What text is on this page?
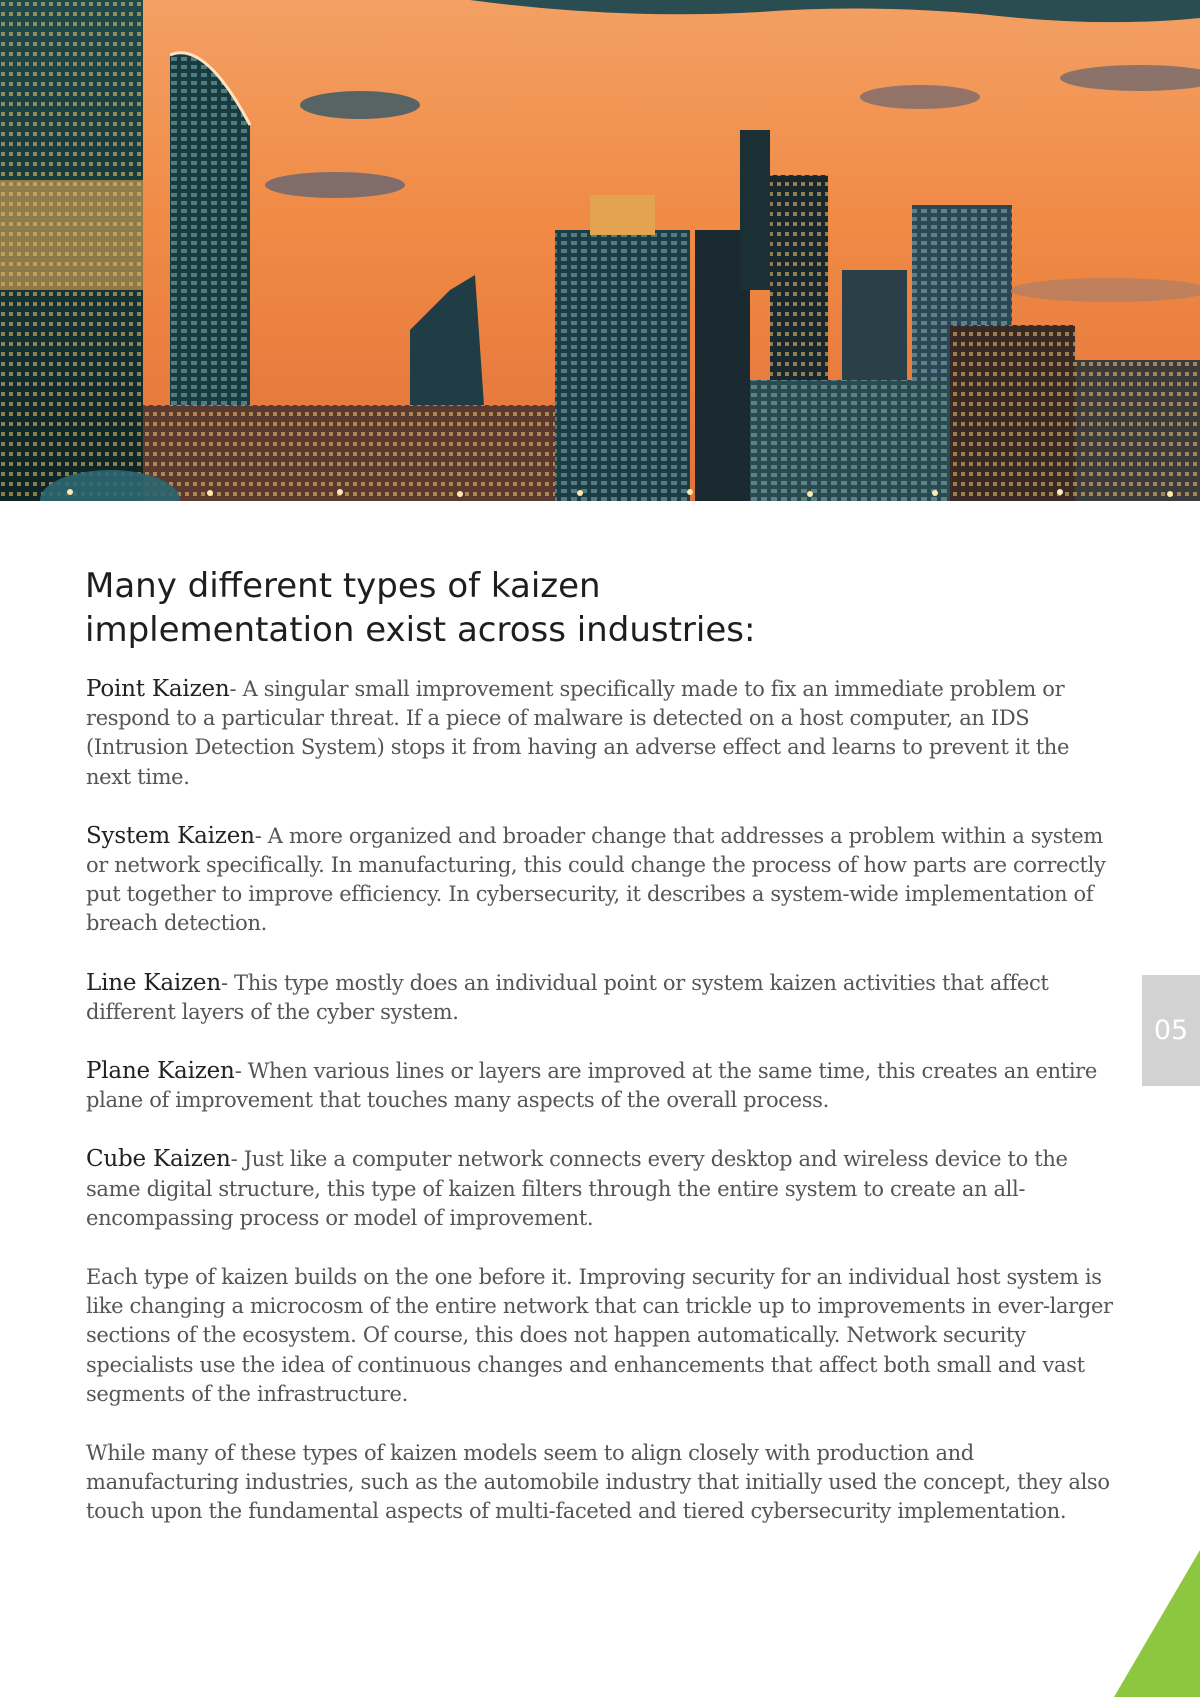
Many different types of kaizen
implementation exist across industries:

Point Kaizen- A singular small improvement specifically made to fix an immediate problem or respond to a particular threat. If a piece of malware is detected on a host computer, an IDS (Intrusion Detection System) stops it from having an adverse effect and learns to prevent it the next time.

System Kaizen- A more organized and broader change that addresses a problem within a system or network specifically. In manufacturing, this could change the process of how parts are correctly put together to improve efficiency. In cybersecurity, it describes a system-wide implementation of breach detection.

Line Kaizen- This type mostly does an individual point or system kaizen activities that affect different layers of the cyber system.

Plane Kaizen- When various lines or layers are improved at the same time, this creates an entire plane of improvement that touches many aspects of the overall process.

Cube Kaizen- Just like a computer network connects every desktop and wireless device to the same digital structure, this type of kaizen filters through the entire system to create an all-encompassing process or model of improvement.

Each type of kaizen builds on the one before it. Improving security for an individual host system is like changing a microcosm of the entire network that can trickle up to improvements in ever-larger sections of the ecosystem. Of course, this does not happen automatically. Network security specialists use the idea of continuous changes and enhancements that affect both small and vast segments of the infrastructure.

While many of these types of kaizen models seem to align closely with production and manufacturing industries, such as the automobile industry that initially used the concept, they also touch upon the fundamental aspects of multi-faceted and tiered cybersecurity implementation.

05
